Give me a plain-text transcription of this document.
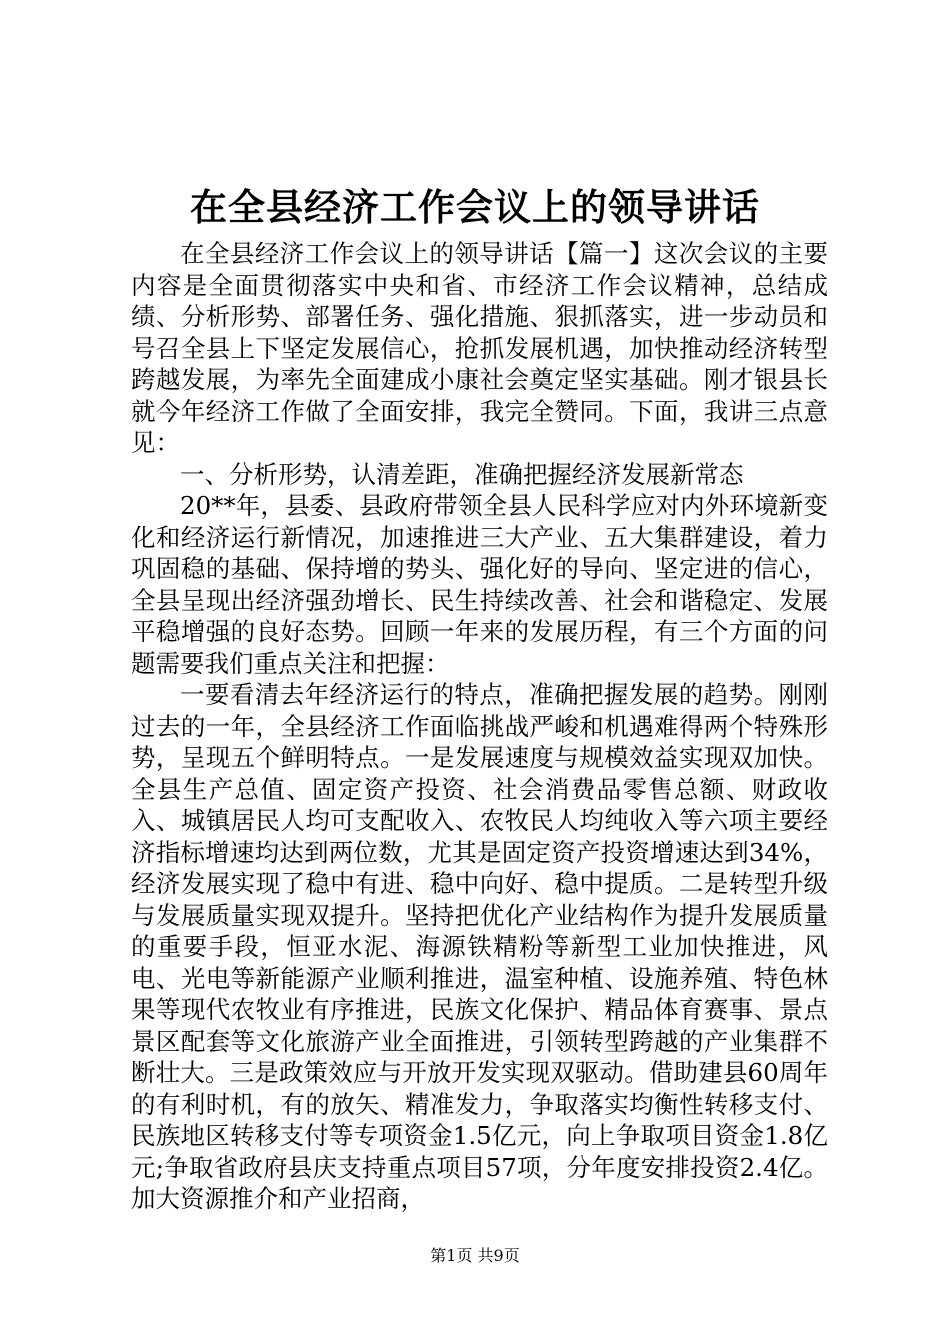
在全县经济工作会议上的领导讲话

在全县经济工作会议上的领导讲话【篇一】这次会议的主要内容是全面贯彻落实中央和省、市经济工作会议精神，总结成绩、分析形势、部署任务、强化措施、狠抓落实，进一步动员和号召全县上下坚定发展信心，抢抓发展机遇，加快推动经济转型跨越发展，为率先全面建成小康社会奠定坚实基础。刚才银县长就今年经济工作做了全面安排，我完全赞同。下面，我讲三点意见：

一、分析形势，认清差距，准确把握经济发展新常态

20**年，县委、县政府带领全县人民科学应对内外环境新变化和经济运行新情况，加速推进三大产业、五大集群建设，着力巩固稳的基础、保持增的势头、强化好的导向、坚定进的信心，全县呈现出经济强劲增长、民生持续改善、社会和谐稳定、发展平稳增强的良好态势。回顾一年来的发展历程，有三个方面的问题需要我们重点关注和把握：

一要看清去年经济运行的特点，准确把握发展的趋势。刚刚过去的一年，全县经济工作面临挑战严峻和机遇难得两个特殊形势，呈现五个鲜明特点。一是发展速度与规模效益实现双加快。全县生产总值、固定资产投资、社会消费品零售总额、财政收入、城镇居民人均可支配收入、农牧民人均纯收入等六项主要经济指标增速均达到两位数，尤其是固定资产投资增速达到34%，经济发展实现了稳中有进、稳中向好、稳中提质。二是转型升级与发展质量实现双提升。坚持把优化产业结构作为提升发展质量的重要手段，恒亚水泥、海源铁精粉等新型工业加快推进，风电、光电等新能源产业顺利推进，温室种植、设施养殖、特色林果等现代农牧业有序推进，民族文化保护、精品体育赛事、景点景区配套等文化旅游产业全面推进，引领转型跨越的产业集群不断壮大。三是政策效应与开放开发实现双驱动。借助建县60周年的有利时机，有的放矢、精准发力，争取落实均衡性转移支付、民族地区转移支付等专项资金1.5亿元，向上争取项目资金1.8亿元;争取省政府县庆支持重点项目57项，分年度安排投资2.4亿。加大资源推介和产业招商，

第1页 共9页
